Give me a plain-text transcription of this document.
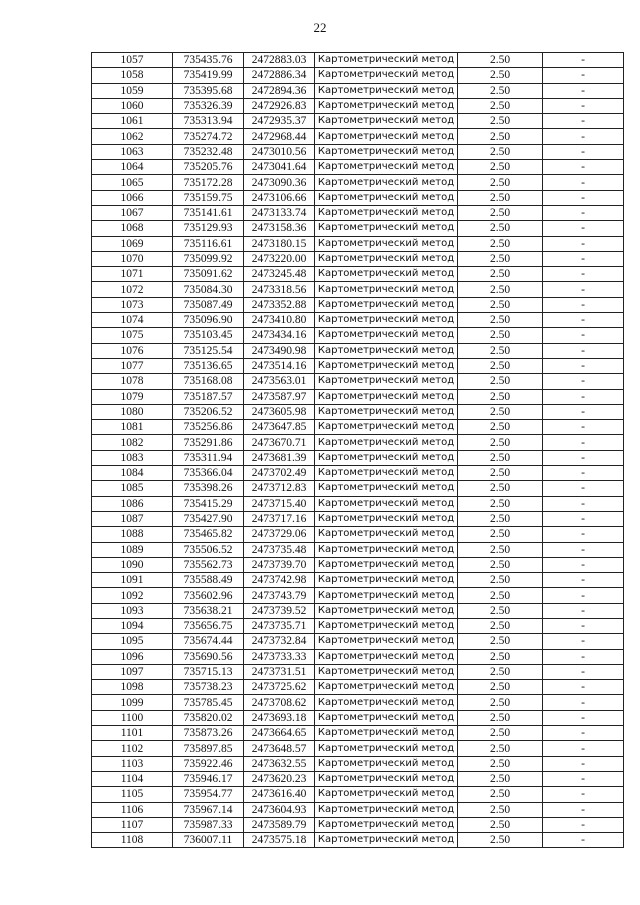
22
1057	735435.76	2472883.03	Картометрический метод	2.50	-
1058	735419.99	2472886.34	Картометрический метод	2.50	-
1059	735395.68	2472894.36	Картометрический метод	2.50	-
1060	735326.39	2472926.83	Картометрический метод	2.50	-
1061	735313.94	2472935.37	Картометрический метод	2.50	-
1062	735274.72	2472968.44	Картометрический метод	2.50	-
1063	735232.48	2473010.56	Картометрический метод	2.50	-
1064	735205.76	2473041.64	Картометрический метод	2.50	-
1065	735172.28	2473090.36	Картометрический метод	2.50	-
1066	735159.75	2473106.66	Картометрический метод	2.50	-
1067	735141.61	2473133.74	Картометрический метод	2.50	-
1068	735129.93	2473158.36	Картометрический метод	2.50	-
1069	735116.61	2473180.15	Картометрический метод	2.50	-
1070	735099.92	2473220.00	Картометрический метод	2.50	-
1071	735091.62	2473245.48	Картометрический метод	2.50	-
1072	735084.30	2473318.56	Картометрический метод	2.50	-
1073	735087.49	2473352.88	Картометрический метод	2.50	-
1074	735096.90	2473410.80	Картометрический метод	2.50	-
1075	735103.45	2473434.16	Картометрический метод	2.50	-
1076	735125.54	2473490.98	Картометрический метод	2.50	-
1077	735136.65	2473514.16	Картометрический метод	2.50	-
1078	735168.08	2473563.01	Картометрический метод	2.50	-
1079	735187.57	2473587.97	Картометрический метод	2.50	-
1080	735206.52	2473605.98	Картометрический метод	2.50	-
1081	735256.86	2473647.85	Картометрический метод	2.50	-
1082	735291.86	2473670.71	Картометрический метод	2.50	-
1083	735311.94	2473681.39	Картометрический метод	2.50	-
1084	735366.04	2473702.49	Картометрический метод	2.50	-
1085	735398.26	2473712.83	Картометрический метод	2.50	-
1086	735415.29	2473715.40	Картометрический метод	2.50	-
1087	735427.90	2473717.16	Картометрический метод	2.50	-
1088	735465.82	2473729.06	Картометрический метод	2.50	-
1089	735506.52	2473735.48	Картометрический метод	2.50	-
1090	735562.73	2473739.70	Картометрический метод	2.50	-
1091	735588.49	2473742.98	Картометрический метод	2.50	-
1092	735602.96	2473743.79	Картометрический метод	2.50	-
1093	735638.21	2473739.52	Картометрический метод	2.50	-
1094	735656.75	2473735.71	Картометрический метод	2.50	-
1095	735674.44	2473732.84	Картометрический метод	2.50	-
1096	735690.56	2473733.33	Картометрический метод	2.50	-
1097	735715.13	2473731.51	Картометрический метод	2.50	-
1098	735738.23	2473725.62	Картометрический метод	2.50	-
1099	735785.45	2473708.62	Картометрический метод	2.50	-
1100	735820.02	2473693.18	Картометрический метод	2.50	-
1101	735873.26	2473664.65	Картометрический метод	2.50	-
1102	735897.85	2473648.57	Картометрический метод	2.50	-
1103	735922.46	2473632.55	Картометрический метод	2.50	-
1104	735946.17	2473620.23	Картометрический метод	2.50	-
1105	735954.77	2473616.40	Картометрический метод	2.50	-
1106	735967.14	2473604.93	Картометрический метод	2.50	-
1107	735987.33	2473589.79	Картометрический метод	2.50	-
1108	736007.11	2473575.18	Картометрический метод	2.50	-
